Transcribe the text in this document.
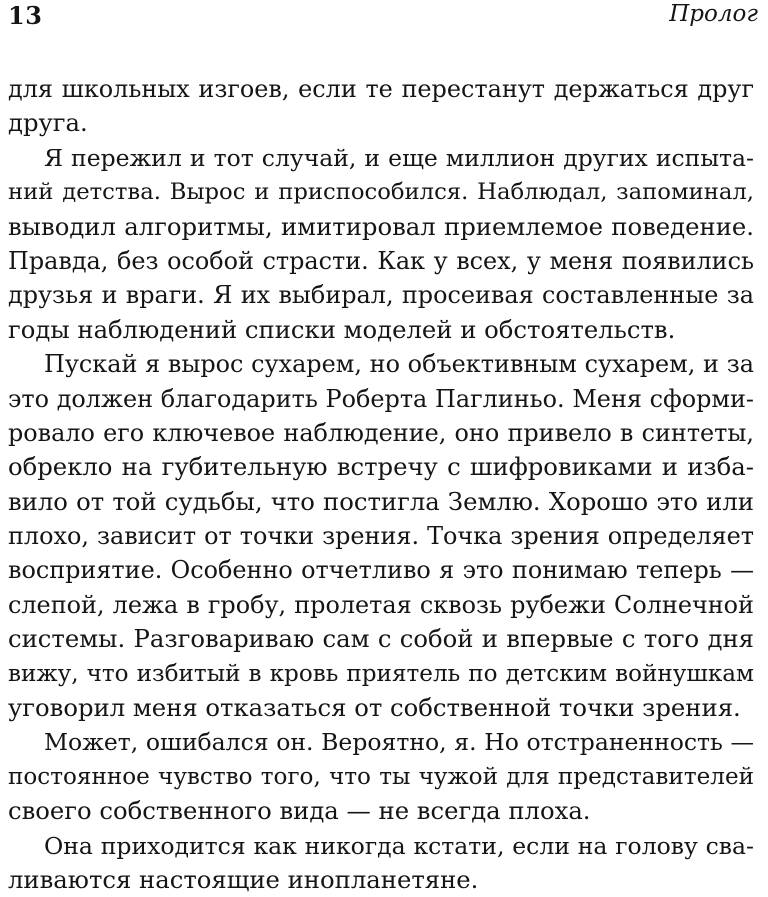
13	Пролог
для школьных изгоев, если те перестанут держаться друг
друга.
Я пережил и тот случай, и еще миллион других испыта-
ний детства. Вырос и приспособился. Наблюдал, запоминал,
выводил алгоритмы, имитировал приемлемое поведение.
Правда, без особой страсти. Как у всех, у меня появились
друзья и враги. Я их выбирал, просеивая составленные за
годы наблюдений списки моделей и обстоятельств.
Пускай я вырос сухарем, но объективным сухарем, и за
это должен благодарить Роберта Паглиньо. Меня сформи-
ровало его ключевое наблюдение, оно привело в синтеты,
обрекло на губительную встречу с шифровиками и изба-
вило от той судьбы, что постигла Землю. Хорошо это или
плохо, зависит от точки зрения. Точка зрения определяет
восприятие. Особенно отчетливо я это понимаю теперь —
слепой, лежа в гробу, пролетая сквозь рубежи Солнечной
системы. Разговариваю сам с собой и впервые с того дня
вижу, что избитый в кровь приятель по детским войнушкам
уговорил меня отказаться от собственной точки зрения.
Может, ошибался он. Вероятно, я. Но отстраненность —
постоянное чувство того, что ты чужой для представителей
своего собственного вида — не всегда плоха.
Она приходится как никогда кстати, если на голову сва-
ливаются настоящие инопланетяне.
